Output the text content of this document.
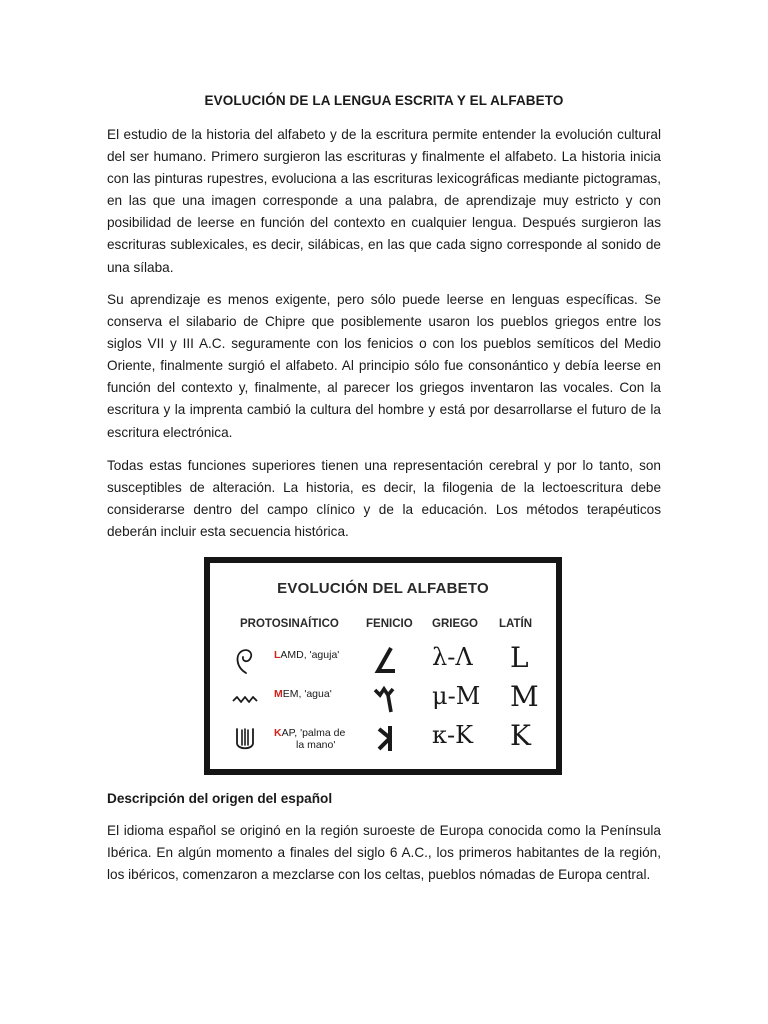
EVOLUCIÓN DE LA LENGUA ESCRITA Y EL ALFABETO

El estudio de la historia del alfabeto y de la escritura permite entender la evolución cultural del ser humano. Primero surgieron las escrituras y finalmente el alfabeto. La historia inicia con las pinturas rupestres, evoluciona a las escrituras lexicográficas mediante pictogramas, en las que una imagen corresponde a una palabra, de aprendizaje muy estricto y con posibilidad de leerse en función del contexto en cualquier lengua. Después surgieron las escrituras sublexicales, es decir, silábicas, en las que cada signo corresponde al sonido de una sílaba.

Su aprendizaje es menos exigente, pero sólo puede leerse en lenguas específicas. Se conserva el silabario de Chipre que posiblemente usaron los pueblos griegos entre los siglos VII y III A.C. seguramente con los fenicios o con los pueblos semíticos del Medio Oriente, finalmente surgió el alfabeto. Al principio sólo fue consonántico y debía leerse en función del contexto y, finalmente, al parecer los griegos inventaron las vocales. Con la escritura y la imprenta cambió la cultura del hombre y está por desarrollarse el futuro de la escritura electrónica.

Todas estas funciones superiores tienen una representación cerebral y por lo tanto, son susceptibles de alteración. La historia, es decir, la filogenia de la lectoescritura debe considerarse dentro del campo clínico y de la educación. Los métodos terapéuticos deberán incluir esta secuencia histórica.

EVOLUCIÓN DEL ALFABETO
PROTOSINAÍTICO FENICIO GRIEGO LATÍN
LAMD, 'aguja'	λ-Λ L
MEM, 'agua'	μ-M M
KAP, 'palma de
la mano'	κ-K K
Descripción del origen del español

El idioma español se originó en la región suroeste de Europa conocida como la Península Ibérica. En algún momento a finales del siglo 6 A.C., los primeros habitantes de la región, los ibéricos, comenzaron a mezclarse con los celtas, pueblos nómadas de Europa central.
